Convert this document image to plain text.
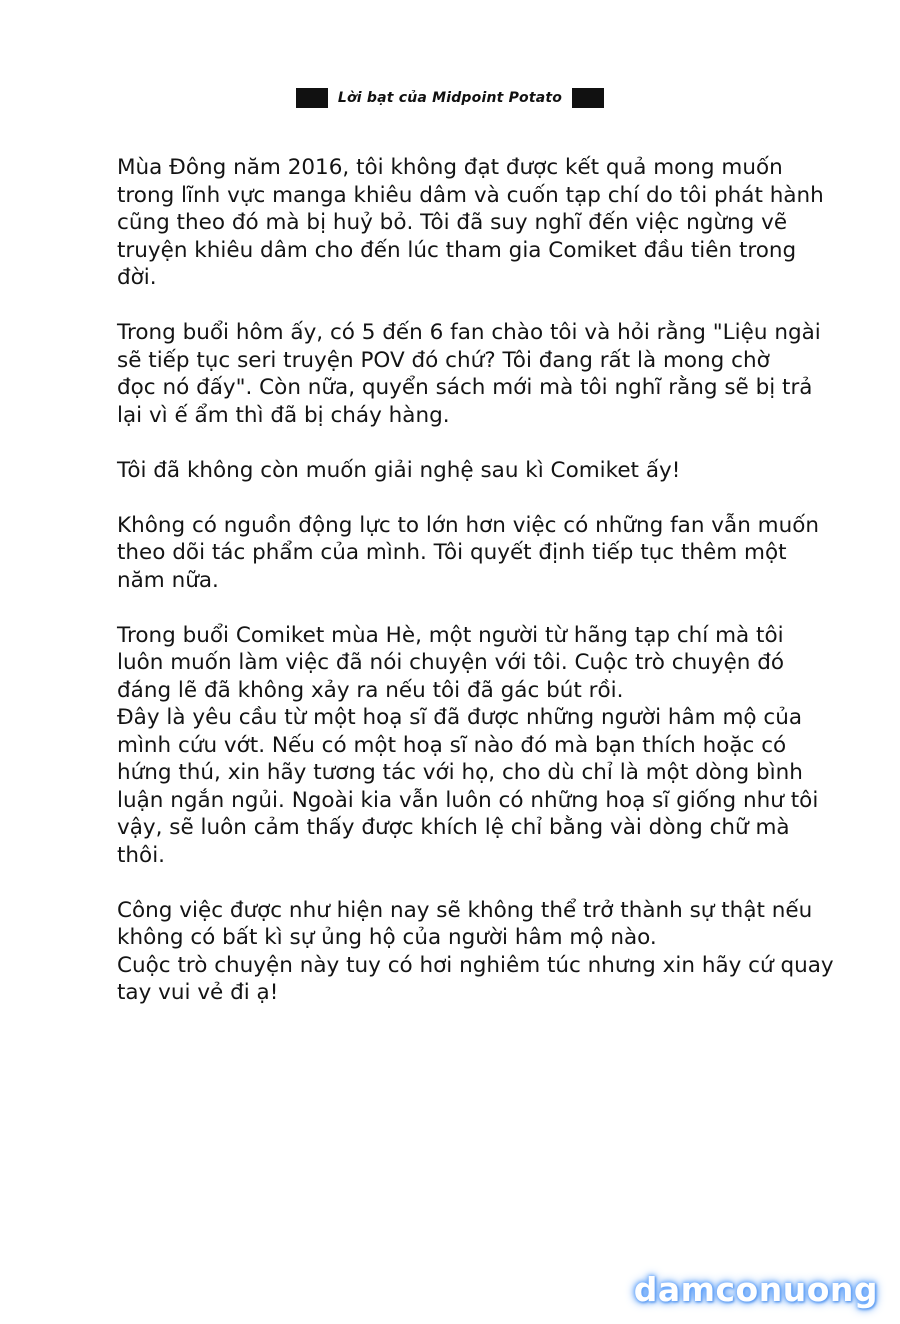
Lời bạt của Midpoint Potato

Mùa Đông năm 2016, tôi không đạt được kết quả mong muốn
trong lĩnh vực manga khiêu dâm và cuốn tạp chí do tôi phát hành
cũng theo đó mà bị huỷ bỏ. Tôi đã suy nghĩ đến việc ngừng vẽ
truyện khiêu dâm cho đến lúc tham gia Comiket đầu tiên trong
đời.

Trong buổi hôm ấy, có 5 đến 6 fan chào tôi và hỏi rằng "Liệu ngài
sẽ tiếp tục seri truyện POV đó chứ? Tôi đang rất là mong chờ
đọc nó đấy". Còn nữa, quyển sách mới mà tôi nghĩ rằng sẽ bị trả
lại vì ế ẩm thì đã bị cháy hàng.

Tôi đã không còn muốn giải nghệ sau kì Comiket ấy!

Không có nguồn động lực to lớn hơn việc có những fan vẫn muốn
theo dõi tác phẩm của mình. Tôi quyết định tiếp tục thêm một
năm nữa.

Trong buổi Comiket mùa Hè, một người từ hãng tạp chí mà tôi
luôn muốn làm việc đã nói chuyện với tôi. Cuộc trò chuyện đó
đáng lẽ đã không xảy ra nếu tôi đã gác bút rồi.
Đây là yêu cầu từ một hoạ sĩ đã được những người hâm mộ của
mình cứu vớt. Nếu có một hoạ sĩ nào đó mà bạn thích hoặc có
hứng thú, xin hãy tương tác với họ, cho dù chỉ là một dòng bình
luận ngắn ngủi. Ngoài kia vẫn luôn có những hoạ sĩ giống như tôi
vậy, sẽ luôn cảm thấy được khích lệ chỉ bằng vài dòng chữ mà
thôi.

Công việc được như hiện nay sẽ không thể trở thành sự thật nếu
không có bất kì sự ủng hộ của người hâm mộ nào.
Cuộc trò chuyện này tuy có hơi nghiêm túc nhưng xin hãy cứ quay
tay vui vẻ đi ạ!

damconuong
